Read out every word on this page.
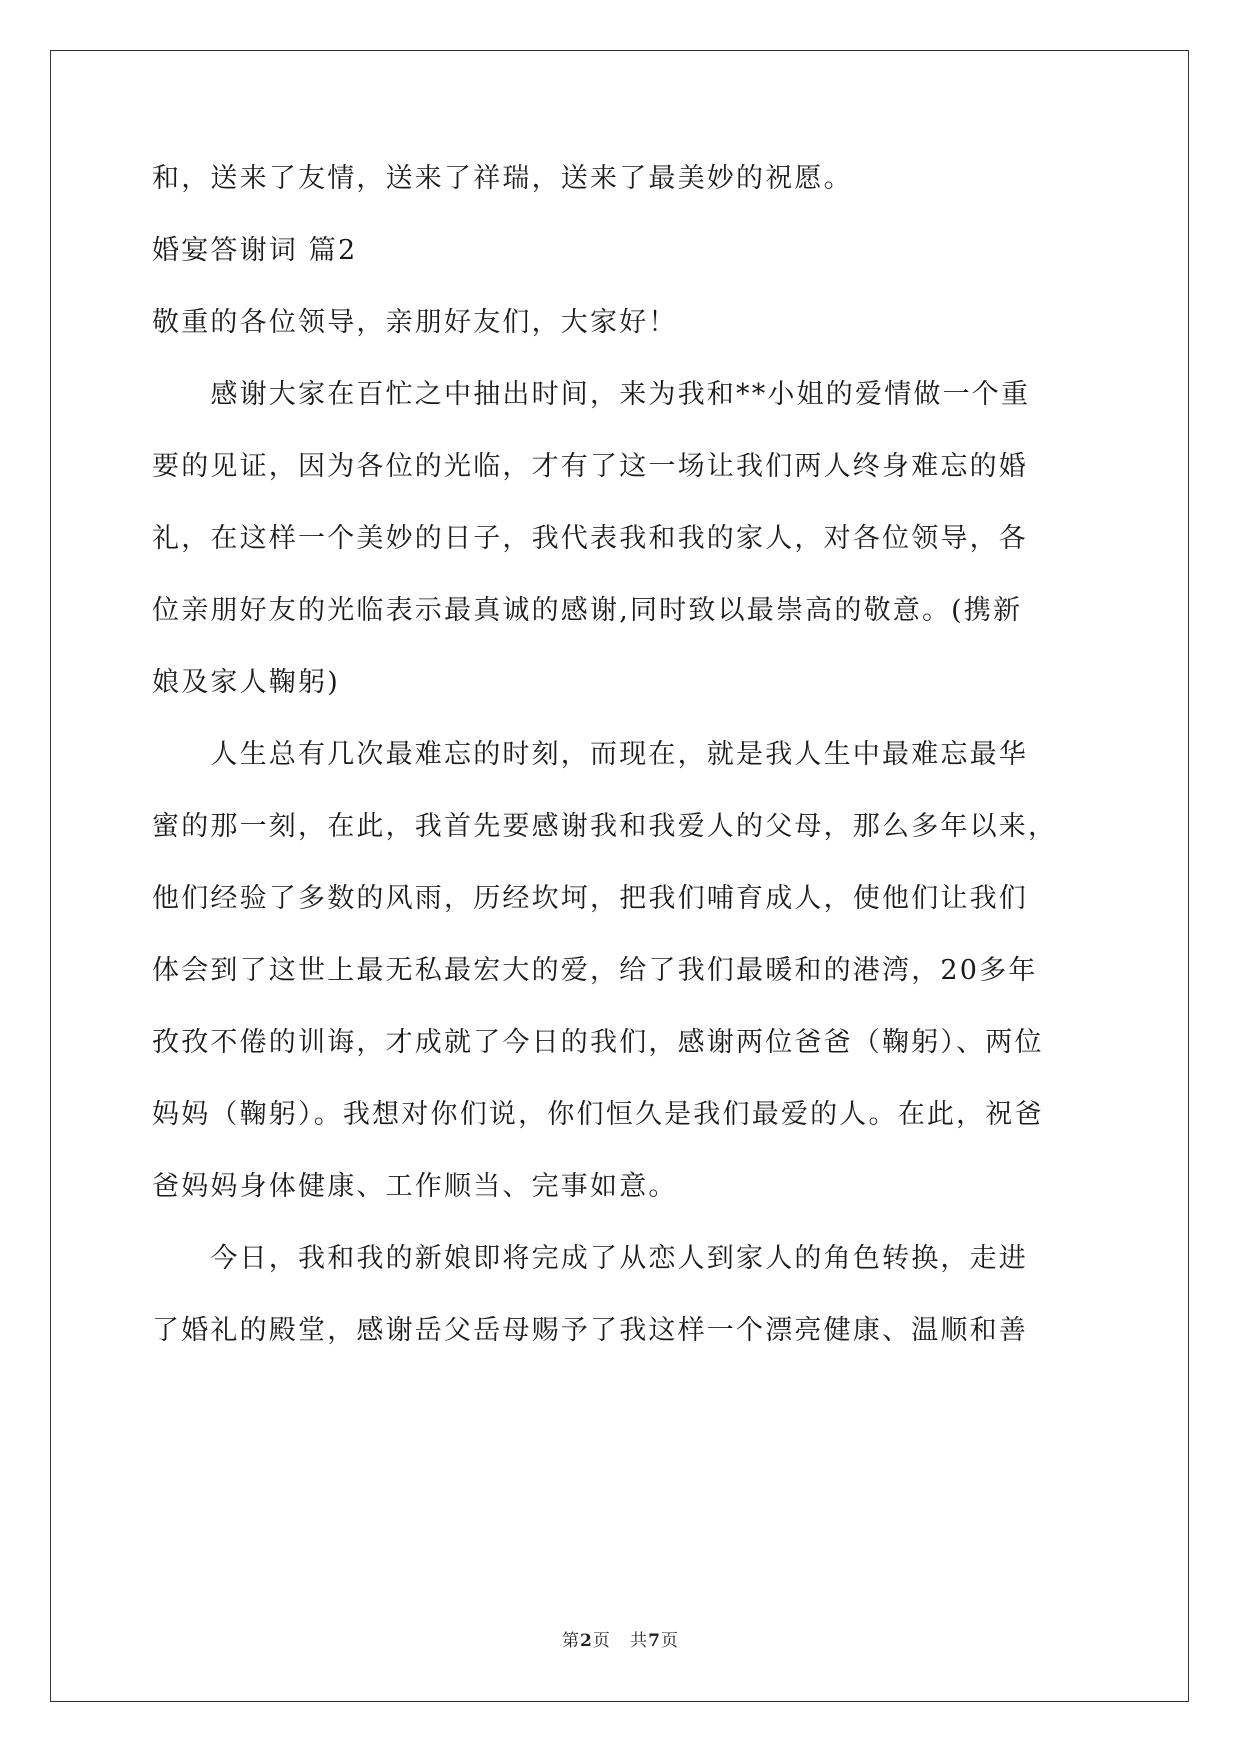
和，送来了友情，送来了祥瑞，送来了最美妙的祝愿。
婚宴答谢词 篇2
敬重的各位领导，亲朋好友们，大家好！
　　感谢大家在百忙之中抽出时间，来为我和**小姐的爱情做一个重
要的见证，因为各位的光临，才有了这一场让我们两人终身难忘的婚
礼，在这样一个美妙的日子，我代表我和我的家人，对各位领导，各
位亲朋好友的光临表示最真诚的感谢,同时致以最崇高的敬意。(携新
娘及家人鞠躬)
　　人生总有几次最难忘的时刻，而现在，就是我人生中最难忘最华
蜜的那一刻，在此，我首先要感谢我和我爱人的父母，那么多年以来，
他们经验了多数的风雨，历经坎坷，把我们哺育成人，使他们让我们
体会到了这世上最无私最宏大的爱，给了我们最暖和的港湾，20多年
孜孜不倦的训诲，才成就了今日的我们，感谢两位爸爸（鞠躬）、两位
妈妈（鞠躬）。我想对你们说，你们恒久是我们最爱的人。在此，祝爸
爸妈妈身体健康、工作顺当、完事如意。
　　今日，我和我的新娘即将完成了从恋人到家人的角色转换，走进
了婚礼的殿堂，感谢岳父岳母赐予了我这样一个漂亮健康、温顺和善
第2页 共7页
